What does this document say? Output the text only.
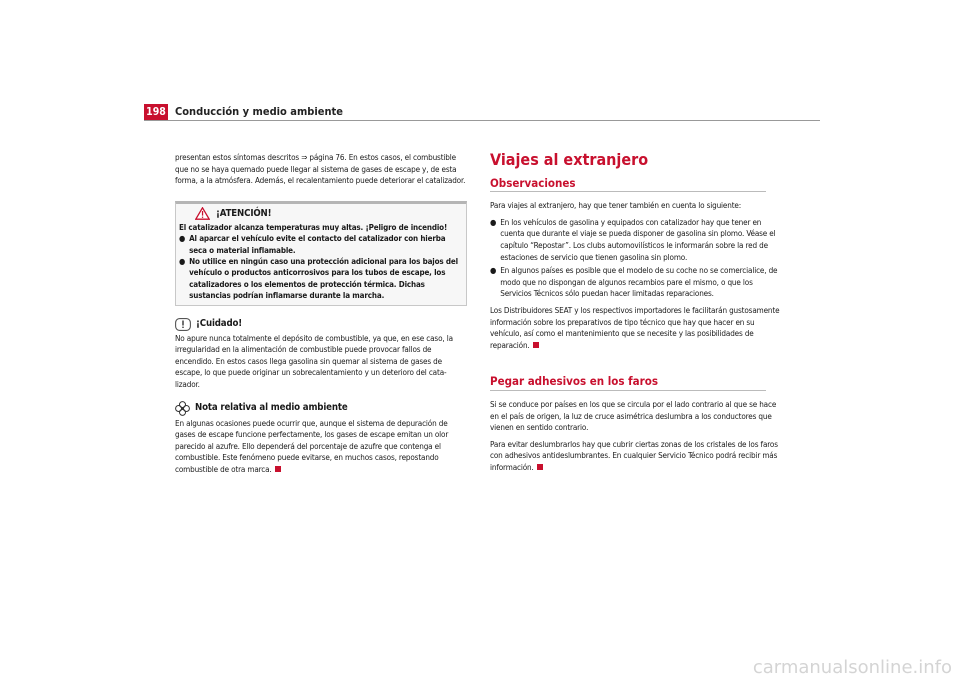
198 Conducción y medio ambiente

presentan estos síntomas descritos ⇒ página 76. En estos casos, el combustible que no se haya quemado puede llegar al sistema de gases de escape y, de esta forma, a la atmósfera. Además, el recalentamiento puede deteriorar el catalizador.

¡ATENCIÓN!
El catalizador alcanza temperaturas muy altas. ¡Peligro de incendio!
● Al aparcar el vehículo evite el contacto del catalizador con hierba seca o material inflamable.
● No utilice en ningún caso una protección adicional para los bajos del vehículo o productos anticorrosivos para los tubos de escape, los catalizadores o los elementos de protección térmica. Dichas sustancias podrían inflamarse durante la marcha.
¡Cuidado!

No apure nunca totalmente el depósito de combustible, ya que, en ese caso, la irregularidad en la alimentación de combustible puede provocar fallos de encendido. En estos casos llega gasolina sin quemar al sistema de gases de escape, lo que puede originar un sobrecalentamiento y un deterioro del catalizador.

Nota relativa al medio ambiente

En algunas ocasiones puede ocurrir que, aunque el sistema de depuración de gases de escape funcione perfectamente, los gases de escape emitan un olor parecido al azufre. Ello dependerá del porcentaje de azufre que contenga el combustible. Este fenómeno puede evitarse, en muchos casos, repostando combustible de otra marca.

Viajes al extranjero
Observaciones

Para viajes al extranjero, hay que tener también en cuenta lo siguiente:

● En los vehículos de gasolina y equipados con catalizador hay que tener en cuenta que durante el viaje se pueda disponer de gasolina sin plomo. Véase el capítulo “Repostar”. Los clubs automovilísticos le informarán sobre la red de estaciones de servicio que tienen gasolina sin plomo.
● En algunos países es posible que el modelo de su coche no se comercialice, de modo que no dispongan de algunos recambios pare el mismo, o que los Servicios Técnicos sólo puedan hacer limitadas reparaciones.

Los Distribuidores SEAT y los respectivos importadores le facilitarán gustosamente información sobre los preparativos de tipo técnico que hay que hacer en su vehículo, así como el mantenimiento que se necesite y las posibilidades de reparación.

Pegar adhesivos en los faros

Si se conduce por países en los que se circula por el lado contrario al que se hace en el país de origen, la luz de cruce asimétrica deslumbra a los conductores que vienen en sentido contrario.

Para evitar deslumbrarlos hay que cubrir ciertas zonas de los cristales de los faros con adhesivos antideslumbrantes. En cualquier Servicio Técnico podrá recibir más información.

carmanualsonline.info
